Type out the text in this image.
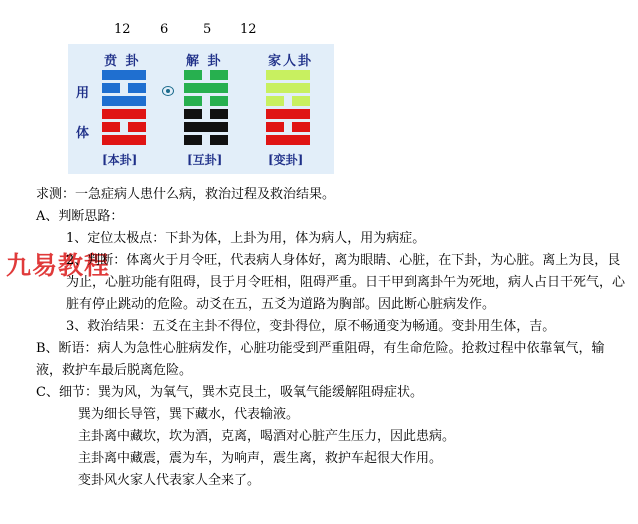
12 6	5 12
用
体
贲 卦	解 卦	家人卦
[本卦]	[互卦]	[变卦]
九易教程

求测：一急症病人患什么病，救治过程及救治结果。

A、判断思路：

1、定位太极点：下卦为体，上卦为用，体为病人，用为病症。

2、判断：体离火于月令旺，代表病人身体好，离为眼睛、心脏，在下卦，为心脏。离上为艮，艮为止，心脏功能有阻碍，艮于月令旺相，阻碍严重。日干甲到离卦午为死地，病人占日干死气，心脏有停止跳动的危险。动爻在五，五爻为道路为胸部。因此断心脏病发作。

3、救治结果：五爻在主卦不得位，变卦得位，原不畅通变为畅通。变卦用生体，吉。

B、断语：病人为急性心脏病发作，心脏功能受到严重阻碍，有生命危险。抢救过程中依靠氧气，输液，救护车最后脱离危险。

C、细节：巽为风，为氧气，巽木克艮土，吸氧气能缓解阻碍症状。

巽为细长导管，巽下藏水，代表输液。

主卦离中藏坎，坎为酒，克离，喝酒对心脏产生压力，因此患病。

主卦离中藏震，震为车，为响声，震生离，救护车起很大作用。

变卦风火家人代表家人全来了。
